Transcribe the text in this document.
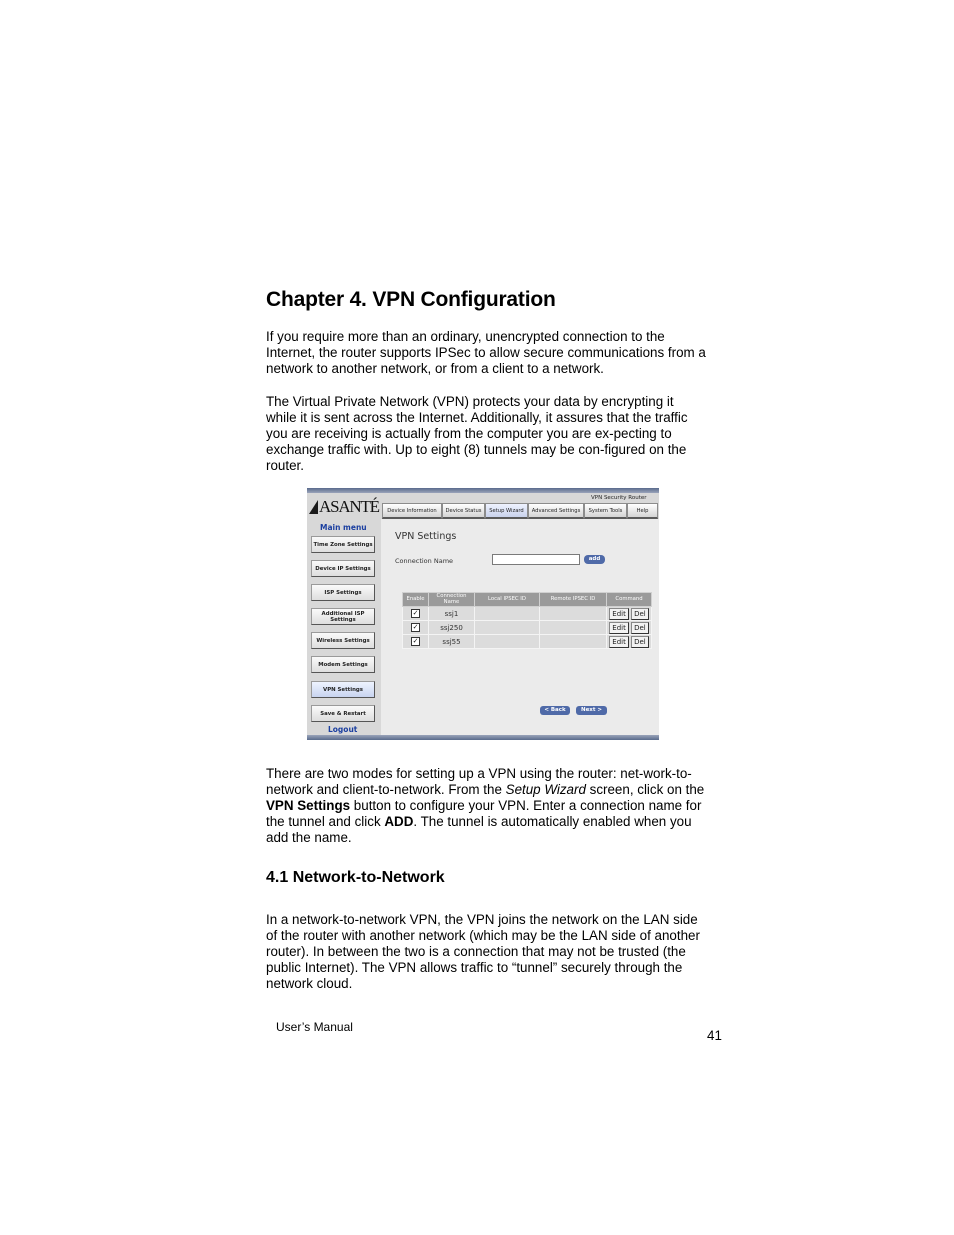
Chapter 4. VPN Configuration

If you require more than an ordinary, unencrypted connection to the Internet, the router supports IPSec to allow secure communications from a network to another network, or from a client to a network.

The Virtual Private Network (VPN) protects your data by encrypting it while it is sent across the Internet. Additionally, it assures that the traffic you are receiving is actually from the computer you are ex-pecting to exchange traffic with. Up to eight (8) tunnels may be con-figured on the router.

ASANTÉ	VPN Security Router
Device Information	Device Status	Setup Wizard	Advanced Settings	System Tools	Help
Main menu
Time Zone Settings
Device IP Settings
ISP Settings
Additional ISP Settings
Wireless Settings
Modem Settings
VPN Settings
Save & Restart
Logout
VPN Settings
Connection Name	add
Enable	Connection Name	Local IPSEC ID	Remote IPSEC ID	Command
✓	ssj1			Edit Del
✓	ssj250			Edit Del
✓	ssj55			Edit Del
< Back	Next >

There are two modes for setting up a VPN using the router: net-work-to-network and client-to-network. From the Setup Wizard screen, click on the VPN Settings button to configure your VPN. Enter a connection name for the tunnel and click ADD. The tunnel is automatically enabled when you add the name.

4.1 Network-to-Network

In a network-to-network VPN, the VPN joins the network on the LAN side of the router with another network (which may be the LAN side of another router). In between the two is a connection that may not be trusted (the public Internet). The VPN allows traffic to “tunnel” securely through the network cloud.

User’s Manual
41
